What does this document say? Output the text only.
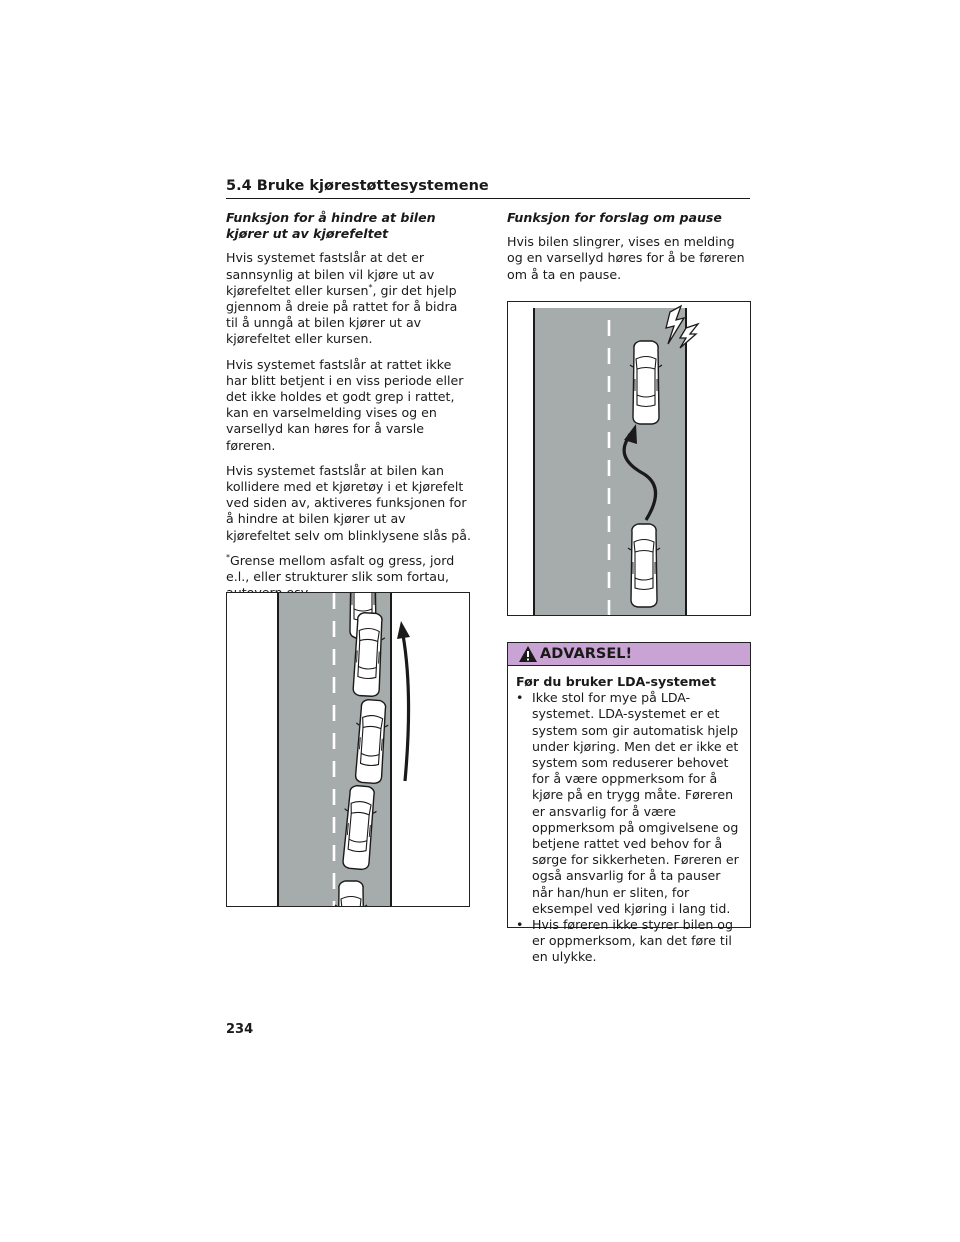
5.4 Bruke kjørestøttesystemene
Funksjon for å hindre at bilen kjører ut av kjørefeltet

Hvis systemet fastslår at det er sannsynlig at bilen vil kjøre ut av kjørefeltet eller kursen*, gir det hjelp gjennom å dreie på rattet for å bidra til å unngå at bilen kjører ut av kjørefeltet eller kursen.

Hvis systemet fastslår at rattet ikke har blitt betjent i en viss periode eller det ikke holdes et godt grep i rattet, kan en varselmelding vises og en varsellyd kan høres for å varsle føreren.

Hvis systemet fastslår at bilen kan kollidere med et kjøretøy i et kjørefelt ved siden av, aktiveres funksjonen for å hindre at bilen kjører ut av kjørefeltet selv om blinklysene slås på.

*Grense mellom asfalt og gress, jord e.l., eller strukturer slik som fortau,

Funksjon for forslag om pause

Hvis bilen slingrer, vises en melding og en varsellyd høres for å be føreren om å ta en pause.

ADVARSEL!
Før du bruker LDA-systemet
• Ikke stol for mye på LDA-systemet. LDA-systemet er et system som gir automatisk hjelp under kjøring. Men det er ikke et system som reduserer behovet for å være oppmerksom for å kjøre på en trygg måte. Føreren er ansvarlig for å være oppmerksom på omgivelsene og betjene rattet ved behov for å sørge for sikkerheten. Føreren er også ansvarlig for å ta pauser når han/hun er sliten, for eksempel ved kjøring i lang tid.
• Hvis føreren ikke styrer bilen og er oppmerksom, kan det føre til en ulykke.
234
